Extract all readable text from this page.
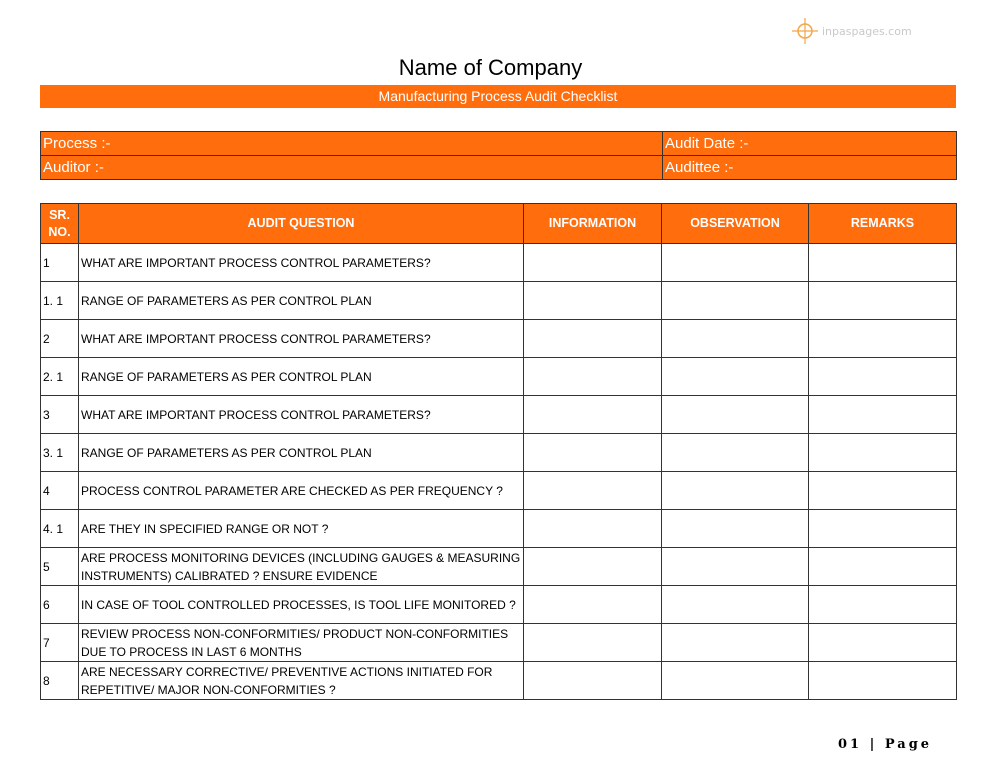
inpaspages.com
Name of Company
Manufacturing Process Audit Checklist
Process :-	Audit Date :-
Auditor :-	Audittee :-
SR. NO.	AUDIT QUESTION	INFORMATION	OBSERVATION	REMARKS
1	WHAT ARE IMPORTANT PROCESS CONTROL PARAMETERS?			
1. 1	RANGE OF PARAMETERS AS PER CONTROL PLAN			
2	WHAT ARE IMPORTANT PROCESS CONTROL PARAMETERS?			
2. 1	RANGE OF PARAMETERS AS PER CONTROL PLAN			
3	WHAT ARE IMPORTANT PROCESS CONTROL PARAMETERS?			
3. 1	RANGE OF PARAMETERS AS PER CONTROL PLAN			
4	PROCESS CONTROL PARAMETER ARE CHECKED AS PER FREQUENCY ?			
4. 1	ARE THEY IN SPECIFIED RANGE OR NOT ?			
5	ARE PROCESS MONITORING DEVICES (INCLUDING GAUGES & MEASURING INSTRUMENTS) CALIBRATED ? ENSURE EVIDENCE			
6	IN CASE OF TOOL CONTROLLED PROCESSES, IS TOOL LIFE MONITORED ?			
7	REVIEW PROCESS NON-CONFORMITIES/ PRODUCT NON-CONFORMITIES DUE TO PROCESS IN LAST 6 MONTHS			
8	ARE NECESSARY CORRECTIVE/ PREVENTIVE ACTIONS INITIATED FOR REPETITIVE/ MAJOR NON-CONFORMITIES ?			
01 | Page
